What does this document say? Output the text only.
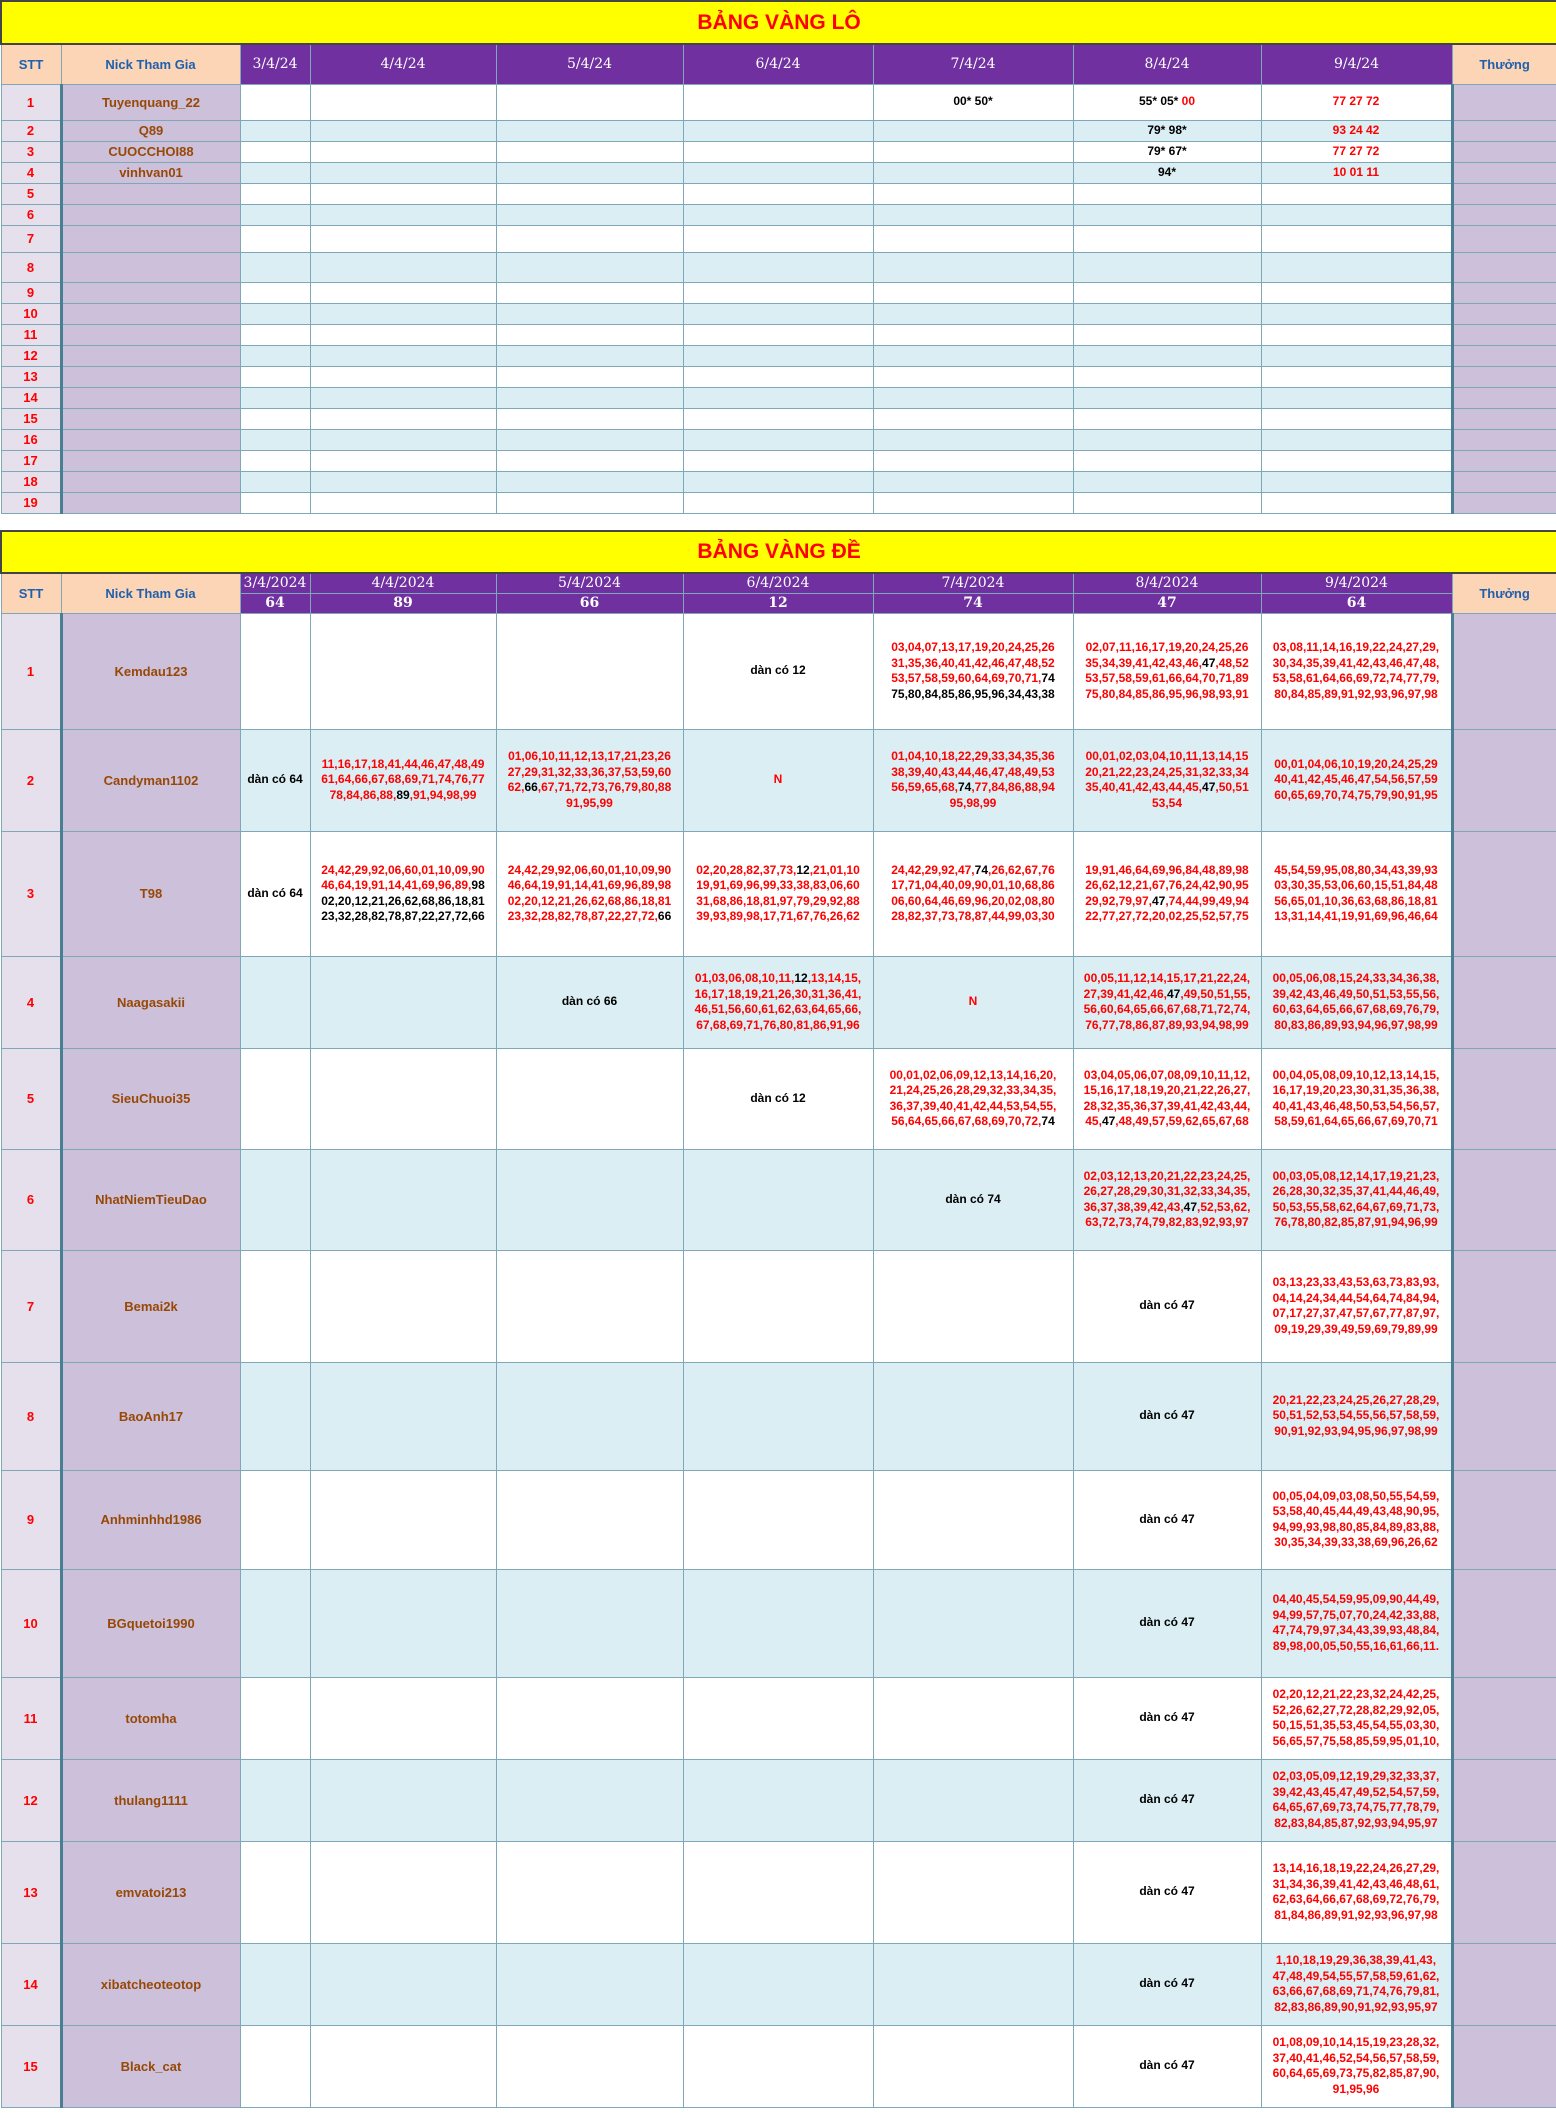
BẢNG VÀNG LÔ									
STT	Nick Tham Gia	3/4/24	4/4/24	5/4/24	6/4/24	7/4/24	8/4/24	9/4/24	Thưởng
1	Tuyenquang_22					00* 50*	55* 05* 00	77 27 72	
2	Q89						79* 98*	93 24 42	
3	CUOCCHOI88						79* 67*	77 27 72	
4	vinhvan01						94*	10 01 11	
5									
6									
7									
8									
9									
10									
11									
12									
13									
14									
15									
16									
17									
18									
19									
BẢNG VÀNG ĐỀ									
STT	Nick Tham Gia	3/4/2024	4/4/2024	5/4/2024	6/4/2024	7/4/2024	8/4/2024	9/4/2024	Thưởng
		64	89	66	12	74	47	64	
1	Kemdau123				dàn có 12	03,04,07,13,17,19,20,24,25,26 31,35,36,40,41,42,46,47,48,52 53,57,58,59,60,64,69,70,71,74 75,80,84,85,86,95,96,34,43,38	02,07,11,16,17,19,20,24,25,26 35,34,39,41,42,43,46,47,48,52 53,57,58,59,61,66,64,70,71,89 75,80,84,85,86,95,96,98,93,91	03,08,11,14,16,19,22,24,27,29, 30,34,35,39,41,42,43,46,47,48, 53,58,61,64,66,69,72,74,77,79, 80,84,85,89,91,92,93,96,97,98	
2	Candyman1102	dàn có 64	11,16,17,18,41,44,46,47,48,49 61,64,66,67,68,69,71,74,76,77 78,84,86,88,89,91,94,98,99	01,06,10,11,12,13,17,21,23,26 27,29,31,32,33,36,37,53,59,60 62,66,67,71,72,73,76,79,80,88 91,95,99	N	01,04,10,18,22,29,33,34,35,36 38,39,40,43,44,46,47,48,49,53 56,59,65,68,74,77,84,86,88,94 95,98,99	00,01,02,03,04,10,11,13,14,15 20,21,22,23,24,25,31,32,33,34 35,40,41,42,43,44,45,47,50,51 53,54	00,01,04,06,10,19,20,24,25,29 40,41,42,45,46,47,54,56,57,59 60,65,69,70,74,75,79,90,91,95	
3	T98	dàn có 64	24,42,29,92,06,60,01,10,09,90 46,64,19,91,14,41,69,96,89,98 02,20,12,21,26,62,68,86,18,81 23,32,28,82,78,87,22,27,72,66	24,42,29,92,06,60,01,10,09,90 46,64,19,91,14,41,69,96,89,98 02,20,12,21,26,62,68,86,18,81 23,32,28,82,78,87,22,27,72,66	02,20,28,82,37,73,12,21,01,10 19,91,69,96,99,33,38,83,06,60 31,68,86,18,81,97,79,29,92,88 39,93,89,98,17,71,67,76,26,62	24,42,29,92,47,74,26,62,67,76 17,71,04,40,09,90,01,10,68,86 06,60,64,46,69,96,20,02,08,80 28,82,37,73,78,87,44,99,03,30	19,91,46,64,69,96,84,48,89,98 26,62,12,21,67,76,24,42,90,95 29,92,79,97,47,74,44,99,49,94 22,77,27,72,20,02,25,52,57,75	45,54,59,95,08,80,34,43,39,93 03,30,35,53,06,60,15,51,84,48 56,65,01,10,36,63,68,86,18,81 13,31,14,41,19,91,69,96,46,64	
4	Naagasakii			dàn có 66	01,03,06,08,10,11,12,13,14,15, 16,17,18,19,21,26,30,31,36,41, 46,51,56,60,61,62,63,64,65,66, 67,68,69,71,76,80,81,86,91,96	N	00,05,11,12,14,15,17,21,22,24, 27,39,41,42,46,47,49,50,51,55, 56,60,64,65,66,67,68,71,72,74, 76,77,78,86,87,89,93,94,98,99	00,05,06,08,15,24,33,34,36,38, 39,42,43,46,49,50,51,53,55,56, 60,63,64,65,66,67,68,69,76,79, 80,83,86,89,93,94,96,97,98,99	
5	SieuChuoi35				dàn có 12	00,01,02,06,09,12,13,14,16,20, 21,24,25,26,28,29,32,33,34,35, 36,37,39,40,41,42,44,53,54,55, 56,64,65,66,67,68,69,70,72,74	03,04,05,06,07,08,09,10,11,12, 15,16,17,18,19,20,21,22,26,27, 28,32,35,36,37,39,41,42,43,44, 45,47,48,49,57,59,62,65,67,68	00,04,05,08,09,10,12,13,14,15, 16,17,19,20,23,30,31,35,36,38, 40,41,43,46,48,50,53,54,56,57, 58,59,61,64,65,66,67,69,70,71	
6	NhatNiemTieuDao					dàn có 74	02,03,12,13,20,21,22,23,24,25, 26,27,28,29,30,31,32,33,34,35, 36,37,38,39,42,43,47,52,53,62, 63,72,73,74,79,82,83,92,93,97	00,03,05,08,12,14,17,19,21,23, 26,28,30,32,35,37,41,44,46,49, 50,53,55,58,62,64,67,69,71,73, 76,78,80,82,85,87,91,94,96,99	
7	Bemai2k						dàn có 47	03,13,23,33,43,53,63,73,83,93, 04,14,24,34,44,54,64,74,84,94, 07,17,27,37,47,57,67,77,87,97, 09,19,29,39,49,59,69,79,89,99	
8	BaoAnh17						dàn có 47	20,21,22,23,24,25,26,27,28,29, 50,51,52,53,54,55,56,57,58,59, 90,91,92,93,94,95,96,97,98,99	
9	Anhminhhd1986						dàn có 47	00,05,04,09,03,08,50,55,54,59, 53,58,40,45,44,49,43,48,90,95, 94,99,93,98,80,85,84,89,83,88, 30,35,34,39,33,38,69,96,26,62	
10	BGquetoi1990						dàn có 47	04,40,45,54,59,95,09,90,44,49, 94,99,57,75,07,70,24,42,33,88, 47,74,79,97,34,43,39,93,48,84, 89,98,00,05,50,55,16,61,66,11.	
11	totomha						dàn có 47	02,20,12,21,22,23,32,24,42,25, 52,26,62,27,72,28,82,29,92,05, 50,15,51,35,53,45,54,55,03,30, 56,65,57,75,58,85,59,95,01,10,	
12	thulang1111						dàn có 47	02,03,05,09,12,19,29,32,33,37, 39,42,43,45,47,49,52,54,57,59, 64,65,67,69,73,74,75,77,78,79, 82,83,84,85,87,92,93,94,95,97	
13	emvatoi213						dàn có 47	13,14,16,18,19,22,24,26,27,29, 31,34,36,39,41,42,43,46,48,61, 62,63,64,66,67,68,69,72,76,79, 81,84,86,89,91,92,93,96,97,98	
14	xibatcheoteotop						dàn có 47	1,10,18,19,29,36,38,39,41,43, 47,48,49,54,55,57,58,59,61,62, 63,66,67,68,69,71,74,76,79,81, 82,83,86,89,90,91,92,93,95,97	
15	Black_cat						dàn có 47	01,08,09,10,14,15,19,23,28,32, 37,40,41,46,52,54,56,57,58,59, 60,64,65,69,73,75,82,85,87,90, 91,95,96	
